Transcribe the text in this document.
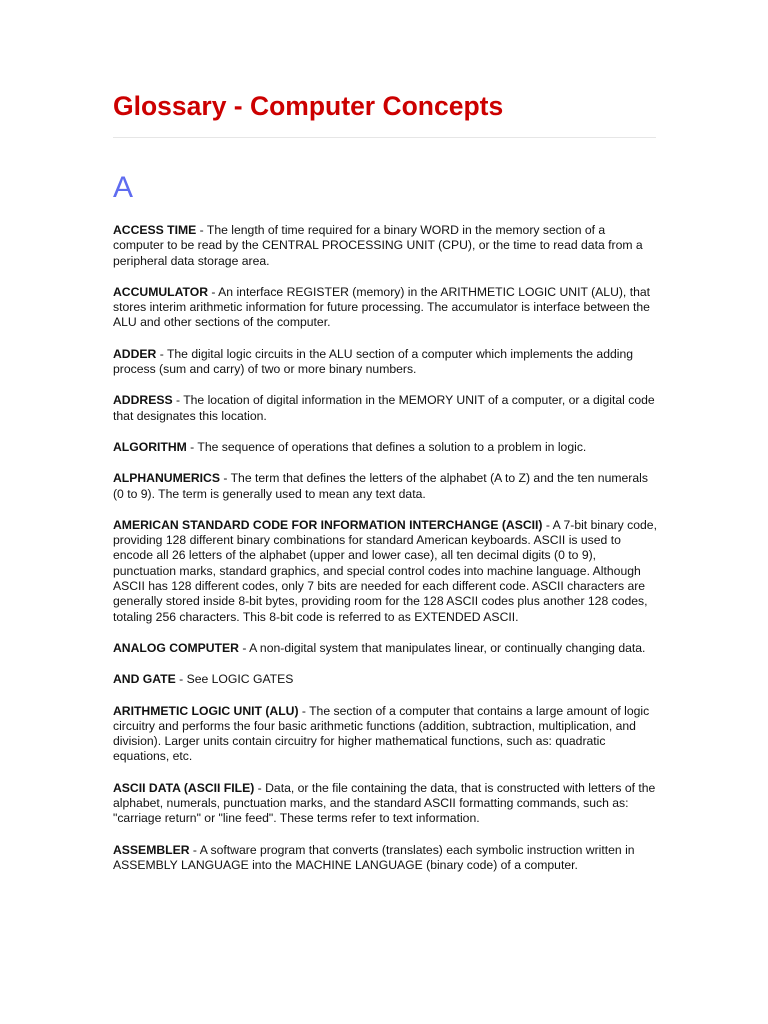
Glossary - Computer Concepts
A

ACCESS TIME - The length of time required for a binary WORD in the memory section of a computer to be read by the CENTRAL PROCESSING UNIT (CPU), or the time to read data from a peripheral data storage area.

ACCUMULATOR - An interface REGISTER (memory) in the ARITHMETIC LOGIC UNIT (ALU), that stores interim arithmetic information for future processing. The accumulator is interface between the ALU and other sections of the computer.

ADDER - The digital logic circuits in the ALU section of a computer which implements the adding process (sum and carry) of two or more binary numbers.

ADDRESS - The location of digital information in the MEMORY UNIT of a computer, or a digital code that designates this location.

ALGORITHM - The sequence of operations that defines a solution to a problem in logic.

ALPHANUMERICS - The term that defines the letters of the alphabet (A to Z) and the ten numerals (0 to 9). The term is generally used to mean any text data.

AMERICAN STANDARD CODE FOR INFORMATION INTERCHANGE (ASCII) - A 7-bit binary code, providing 128 different binary combinations for standard American keyboards. ASCII is used to encode all 26 letters of the alphabet (upper and lower case), all ten decimal digits (0 to 9), punctuation marks, standard graphics, and special control codes into machine language. Although ASCII has 128 different codes, only 7 bits are needed for each different code. ASCII characters are generally stored inside 8-bit bytes, providing room for the 128 ASCII codes plus another 128 codes, totaling 256 characters. This 8-bit code is referred to as EXTENDED ASCII.

ANALOG COMPUTER - A non-digital system that manipulates linear, or continually changing data.

AND GATE - See LOGIC GATES

ARITHMETIC LOGIC UNIT (ALU) - The section of a computer that contains a large amount of logic circuitry and performs the four basic arithmetic functions (addition, subtraction, multiplication, and division). Larger units contain circuitry for higher mathematical functions, such as: quadratic equations, etc.

ASCII DATA (ASCII FILE) - Data, or the file containing the data, that is constructed with letters of the alphabet, numerals, punctuation marks, and the standard ASCII formatting commands, such as: "carriage return" or "line feed". These terms refer to text information.

ASSEMBLER - A software program that converts (translates) each symbolic instruction written in ASSEMBLY LANGUAGE into the MACHINE LANGUAGE (binary code) of a computer.
